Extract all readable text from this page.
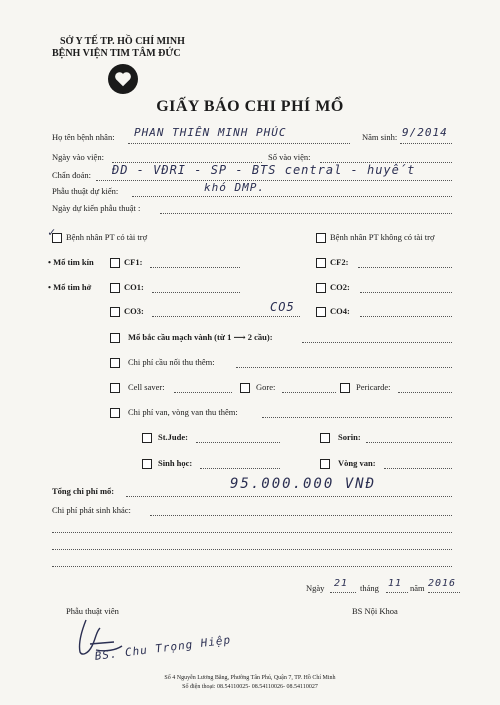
SỞ Y TẾ TP. HỒ CHÍ MINH
BỆNH VIỆN TIM TÂM ĐỨC
GIẤY BÁO CHI PHÍ MỔ
Họ tên bệnh nhân: PHAN THIÊN MINH PHÚC	Năm sinh: 9/2014
Ngày vào viện:	Số vào viện:
Chẩn đoán: ĐD - VĐRI - SP - BTS central - huyết
Phẫu thuật dự kiến:	khó DMP.
Ngày dự kiến phẫu thuật :
✓ Bệnh nhân PT có tài trợ	Bệnh nhân PT không có tài trợ
• Mổ tim kín	CF1:	CF2:
• Mổ tim hở	CO1:	CO2:
CO3:	CO5	CO4:
Mổ bắc cầu mạch vành (từ 1 ⟶ 2 cầu):
Chi phí cầu nối thu thêm:
Cell saver:	Gore:	Pericarde:
Chi phí van, vòng van thu thêm:
St.Jude:	Sorin:
Sinh học:	Vòng van:
Tổng chi phí mổ:	95.000.000 VNĐ
Chi phí phát sinh khác:
Ngày 21 tháng 11 năm 2016
Phẫu thuật viên	BS Nội Khoa
BS. Chu Trọng Hiệp
Số 4 Nguyễn Lương Bằng, Phường Tân Phú, Quận 7, TP. Hồ Chí Minh
Số điện thoại: 08.54110025- 08.54110026- 08.54110027
